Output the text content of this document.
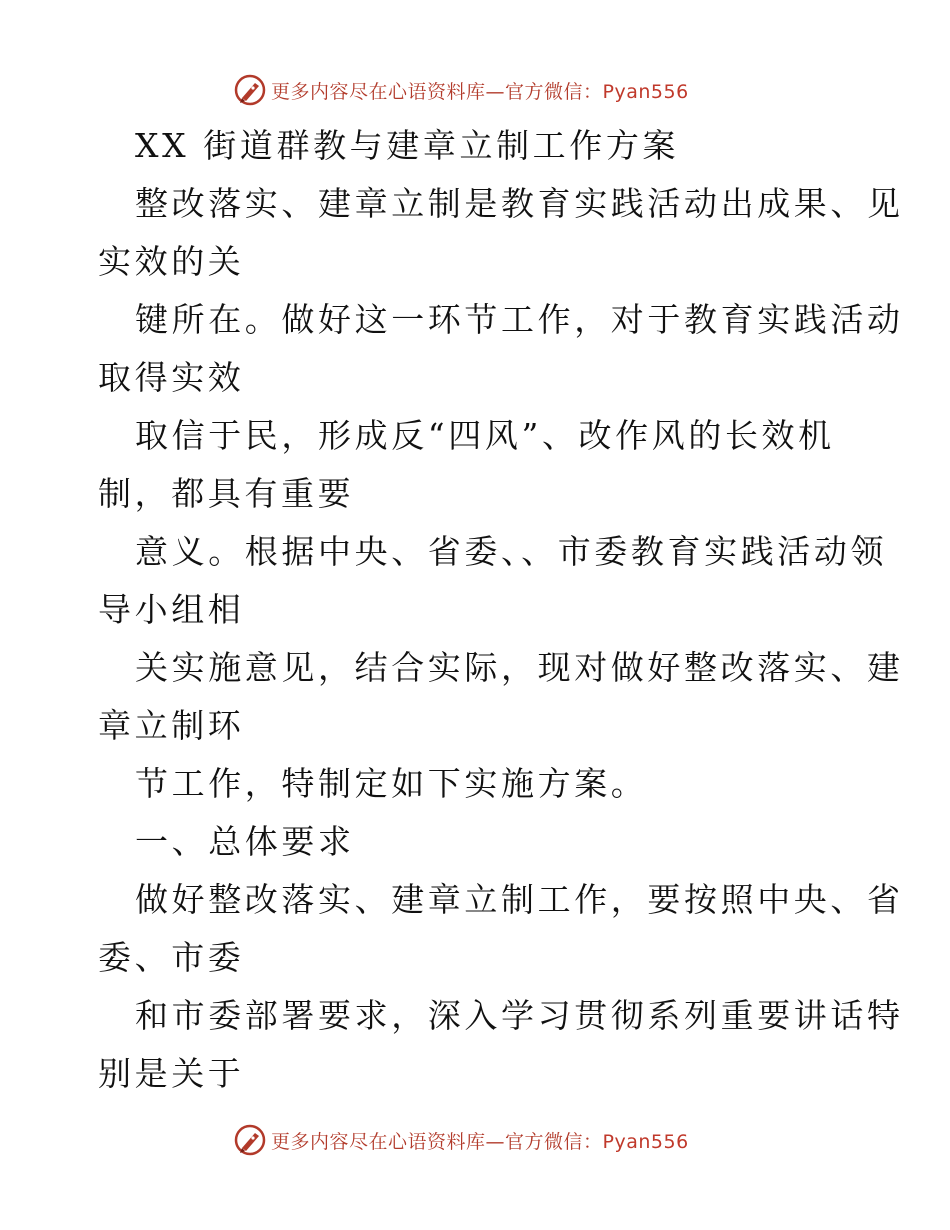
更多内容尽在心语资料库—官方微信：Pyan556
XX 街道群教与建章立制工作方案
整改落实、建章立制是教育实践活动出成果、见
实效的关
键所在。做好这一环节工作，对于教育实践活动
取得实效
取信于民，形成反“四风”、改作风的长效机
制，都具有重要
意义。根据中央、省委、、市委教育实践活动领
导小组相
关实施意见，结合实际，现对做好整改落实、建
章立制环
节工作，特制定如下实施方案。
一、总体要求
做好整改落实、建章立制工作，要按照中央、省
委、市委
和市委部署要求，深入学习贯彻系列重要讲话特
别是关于
更多内容尽在心语资料库—官方微信：Pyan556
